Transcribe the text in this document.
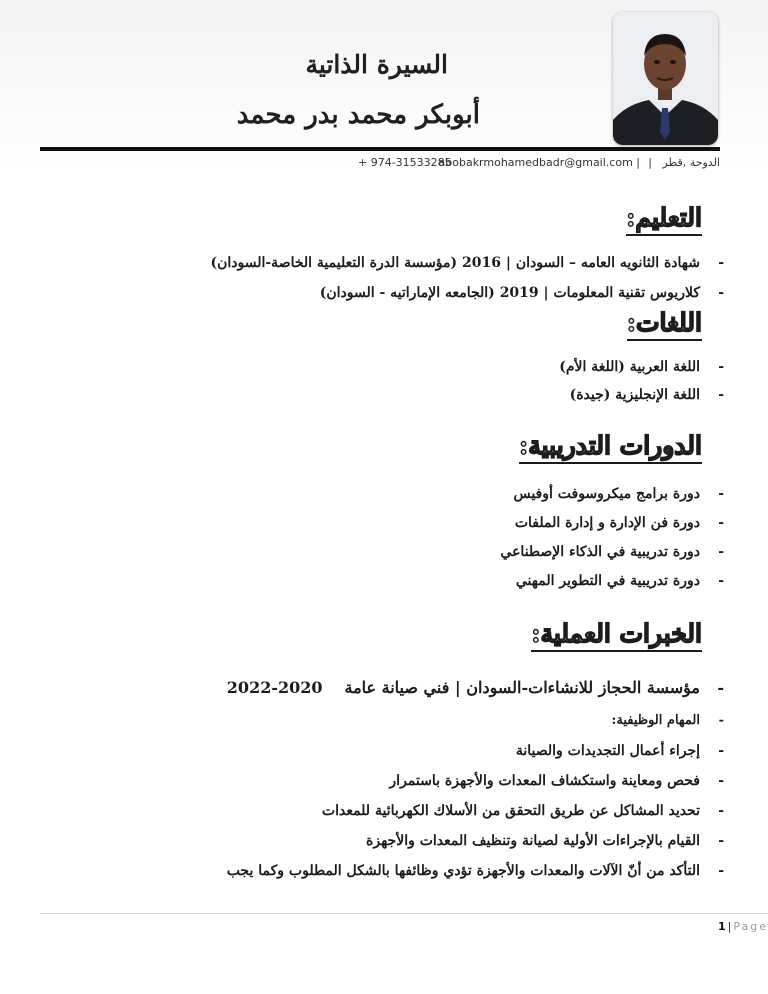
السيرة الذاتية
أبوبكر محمد بدر محمد
الدوحة ,قطر
|
abobakrmohamedbadr@gmail.com |
+ 974-31533285
التعليم:
- شهادة الثانويه العامه – السودان | 2016 (مؤسسة الدرة التعليمية الخاصة-السودان)
- كلاريوس تقنية المعلومات | 2019 (الجامعه الإماراتيه - السودان)
اللغات:
- اللغة العربية (اللغة الأم)
- اللغة الإنجليزية (جيدة)
الدورات التدريبية:
- دورة برامج ميكروسوفت أوفيس
- دورة فن الإدارة و إدارة الملفات
- دورة تدريبية في الذكاء الإصطناعي
- دورة تدريبية في التطوير المهني
الخبرات العملية:
- مؤسسة الحجاز للانشاءات-السودان | فني صيانة عامة2020-2022
- المهام الوظيفية:
- إجراء أعمال التجديدات والصيانة
- فحص ومعاينة واستكشاف المعدات والأجهزة باستمرار
- تحديد المشاكل عن طريق التحقق من الأسلاك الكهربائية للمعدات
- القيام بالإجراءات الأولية لصيانة وتنظيف المعدات والأجهزة
- التأكد من أنّ الآلات والمعدات والأجهزة تؤدي وظائفها بالشكل المطلوب وكما يجب
1|Page
